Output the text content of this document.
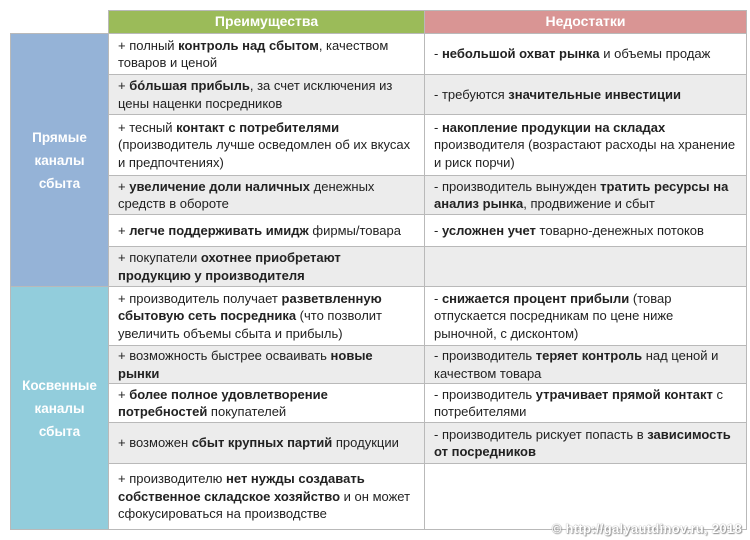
Преимущества	Недостатки
Прямые каналы сбыта
Косвенные каналы сбыта
+ полный контроль над сбытом, качеством товаров и ценой
- небольшой охват рынка и объемы продаж
+ бóльшая прибыль, за счет исключения из цены наценки посредников
- требуются значительные инвестиции
+ тесный контакт с потребителями (производитель лучше осведомлен об их вкусах и предпочтениях)
- накопление продукции на складах производителя (возрастают расходы на хранение и риск порчи)
+ увеличение доли наличных денежных средств в обороте
- производитель вынужден тратить ресурсы на анализ рынка, продвижение и сбыт
+ легче поддерживать имидж фирмы/товара	- усложнен учет товарно-денежных потоков
+ покупатели охотнее приобретают продукцию у производителя
+ производитель получает разветвленную сбытовую сеть посредника (что позволит увеличить объемы сбыта и прибыль)
- снижается процент прибыли (товар отпускается посредникам по цене ниже рыночной, с дисконтом)
+ возможность быстрее осваивать новые рынки
- производитель теряет контроль над ценой и качеством товара
+ более полное удовлетворение потребностей покупателей
- производитель утрачивает прямой контакт с потребителями
+ возможен сбыт крупных партий продукции
- производитель рискует попасть в зависимость от посредников
+ производителю нет нужды создавать собственное складское хозяйство и он может сфокусироваться на производстве
© http://galyautdinov.ru, 2018
